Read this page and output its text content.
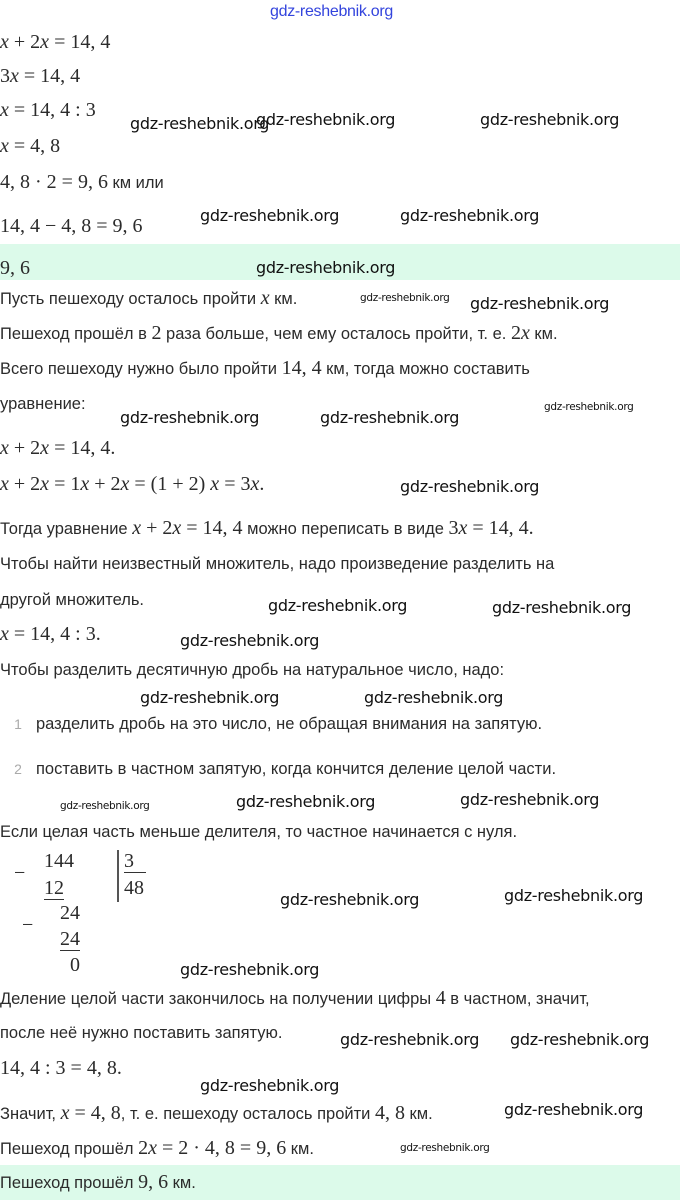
x + 2x = 14, 4
3x = 14, 4
x = 14, 4 : 3
x = 4, 8
4, 8 · 2 = 9, 6 км или
14, 4 − 4, 8 = 9, 6
9, 6
Пусть пешеходу осталось пройти x км.
Пешеход прошёл в 2 раза больше, чем ему осталось пройти, т. е. 2x км.
Всего пешеходу нужно было пройти 14, 4 км, тогда можно составить
уравнение:
x + 2x = 14, 4.
x + 2x = 1x + 2x = (1 + 2) x = 3x.
Тогда уравнение x + 2x = 14, 4 можно переписать в виде 3x = 14, 4.
Чтобы найти неизвестный множитель, надо произведение разделить на
другой множитель.
x = 14, 4 : 3.
Чтобы разделить десятичную дробь на натуральное число, надо:
1 разделить дробь на это число, не обращая внимания на запятую.
2 поставить в частном запятую, когда кончится деление целой части.
Если целая часть меньше делителя, то частное начинается с нуля.
Деление целой части закончилось на получении цифры 4 в частном, значит,
после неё нужно поставить запятую.
14, 4 : 3 = 4, 8.
Значит, x = 4, 8, т. е. пешеходу осталось пройти 4, 8 км.
Пешеход прошёл 2x = 2 · 4, 8 = 9, 6 км.
Пешеход прошёл 9, 6 км.
−
144
12
−
24
24
0
3
48
gdz-reshebnik.org
gdz-reshebnik.org
gdz-reshebnik.org	gdz-reshebnik.org
gdz-reshebnik.org	gdz-reshebnik.org
gdz-reshebnik.org
gdz-reshebnik.org
gdz-reshebnik.org
gdz-reshebnik.org	gdz-reshebnik.org
gdz-reshebnik.org
gdz-reshebnik.org
gdz-reshebnik.org
gdz-reshebnik.org
gdz-reshebnik.org
gdz-reshebnik.org	gdz-reshebnik.org
gdz-reshebnik.org	gdz-reshebnik.org
gdz-reshebnik.org
gdz-reshebnik.org	gdz-reshebnik.org
gdz-reshebnik.org
gdz-reshebnik.org gdz-reshebnik.org
gdz-reshebnik.org
gdz-reshebnik.org
gdz-reshebnik.org
